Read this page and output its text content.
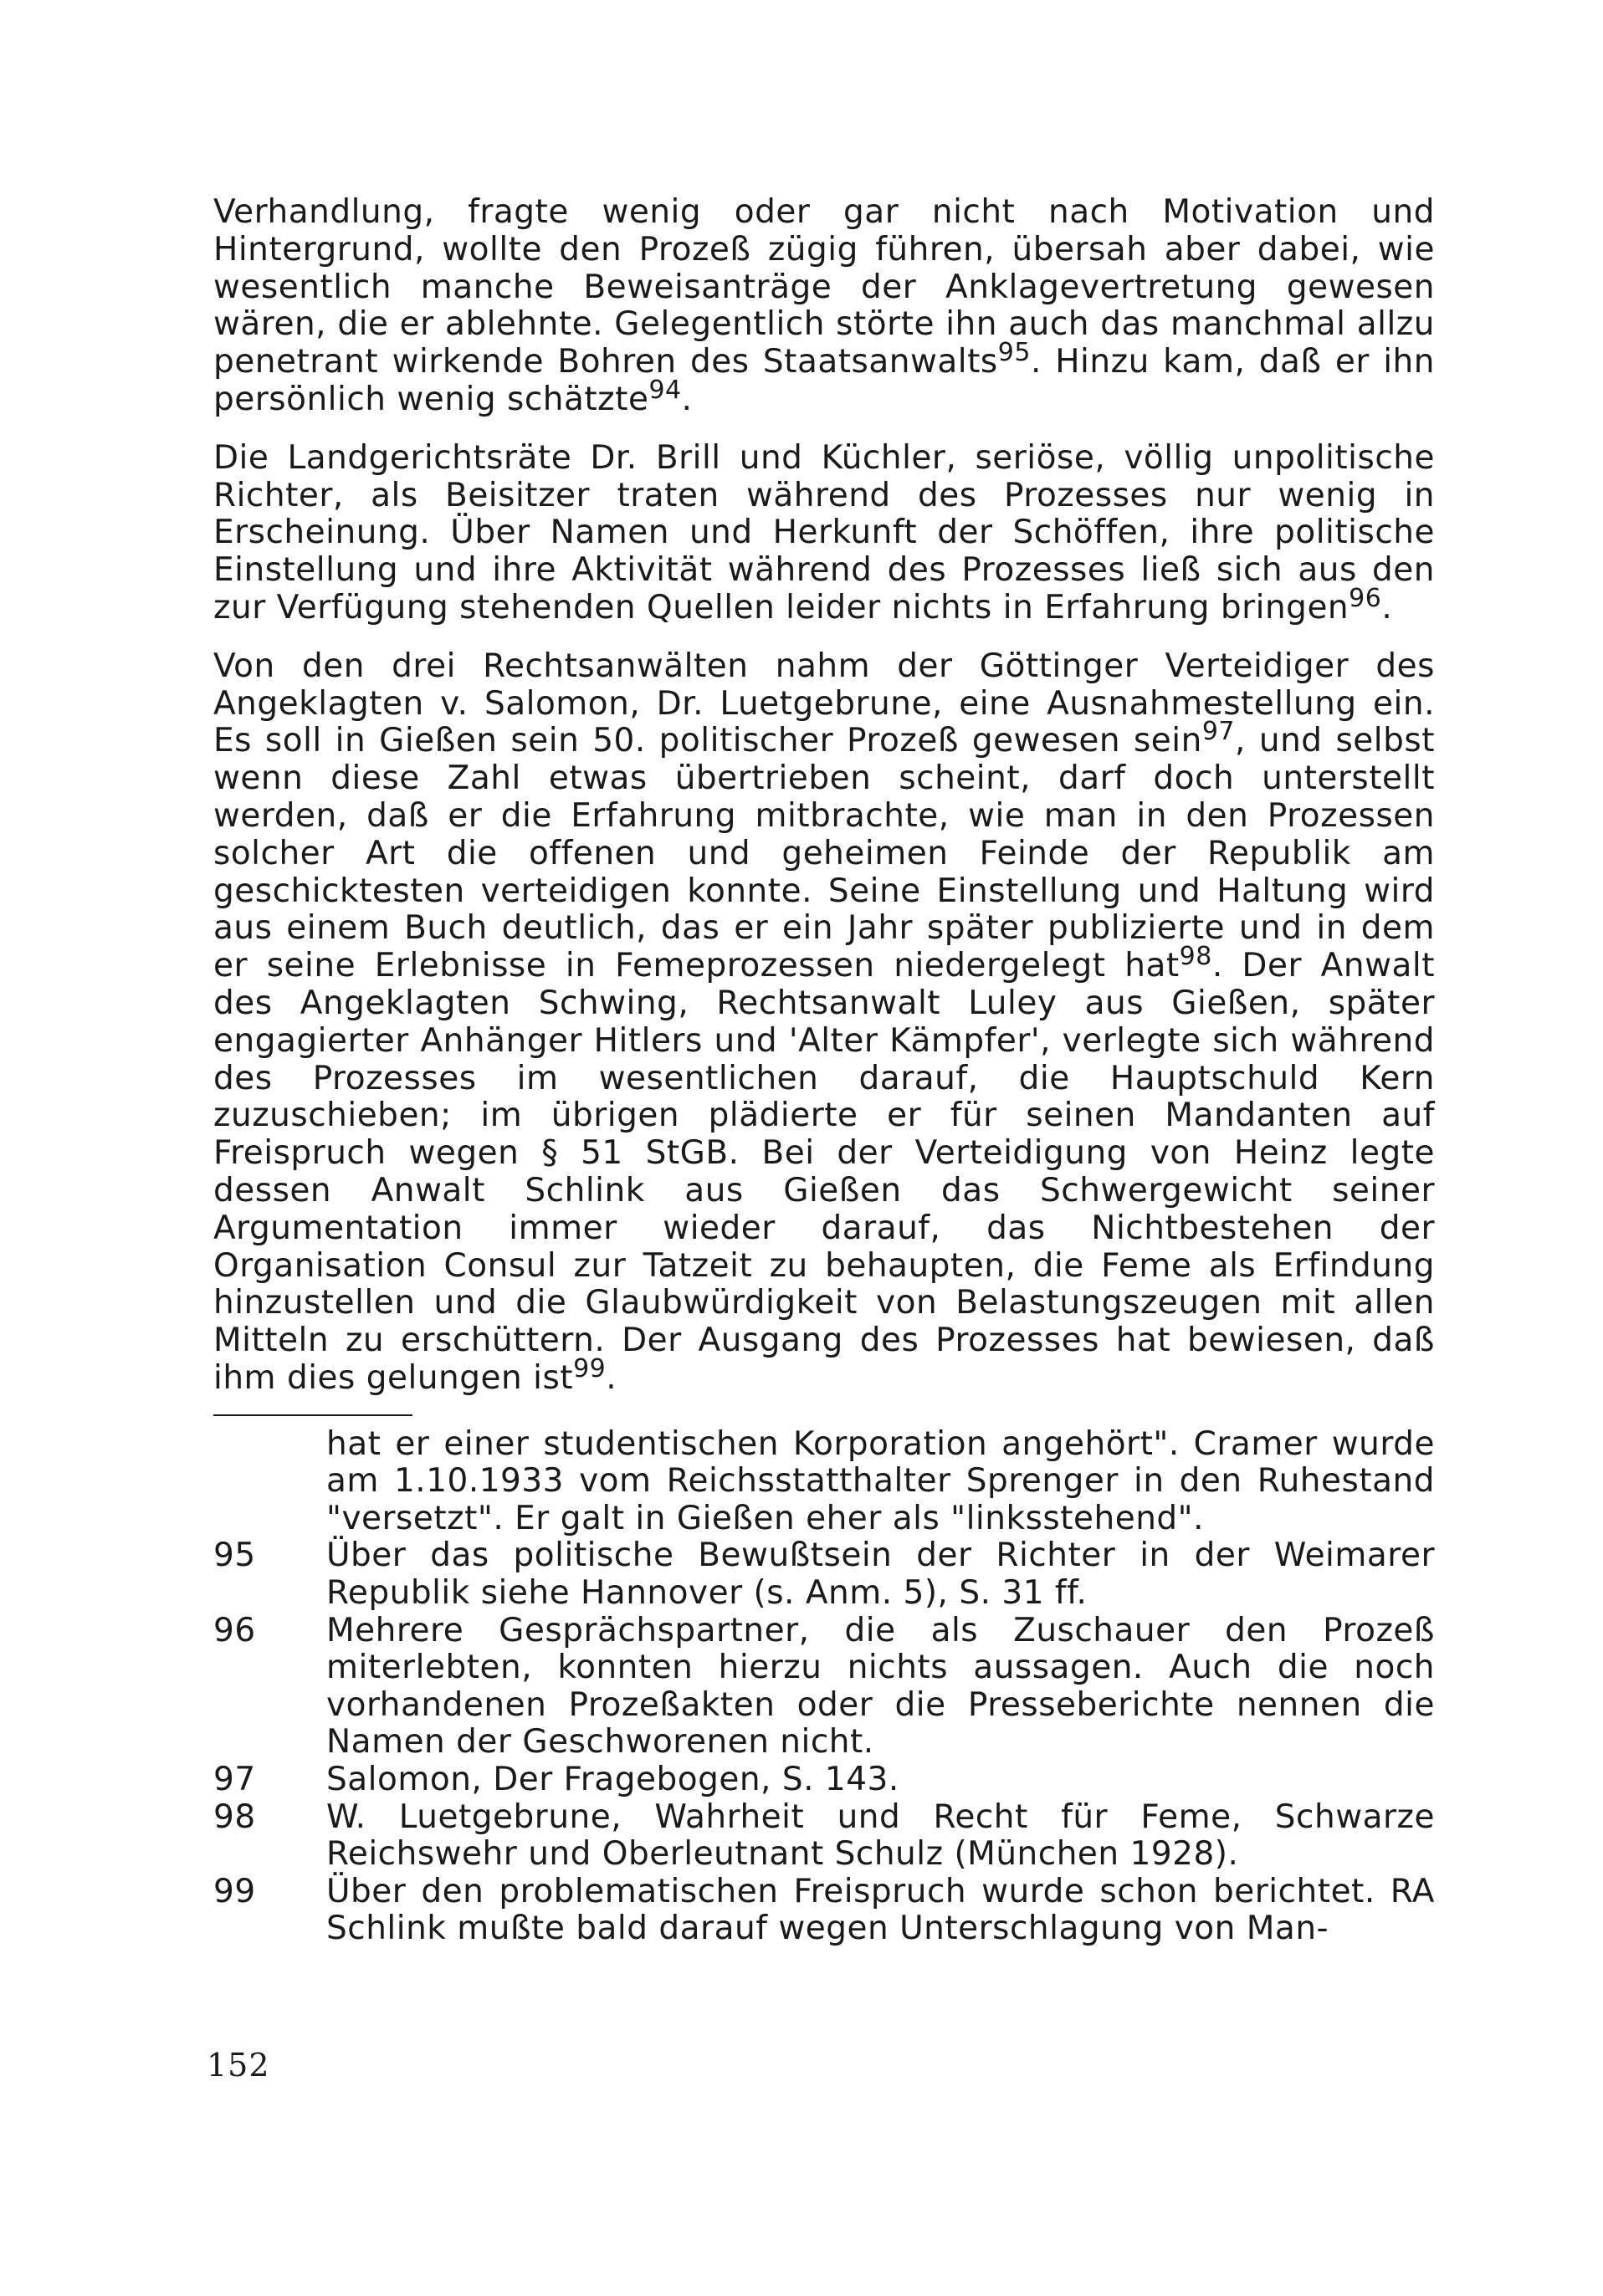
Verhandlung, fragte wenig oder gar nicht nach Motivation und Hintergrund, wollte den Prozeß zügig führen, übersah aber dabei, wie wesentlich manche Beweisanträge der Anklagevertretung gewesen wären, die er ablehnte. Gelegentlich störte ihn auch das manchmal allzu penetrant wirkende Bohren des Staatsanwalts$^{95}$. Hinzu kam, daß er ihn persönlich wenig schätzte$^{94}$.

Die Landgerichtsräte Dr. Brill und Küchler, seriöse, völlig unpolitische Richter, als Beisitzer traten während des Prozesses nur wenig in Erscheinung. Über Namen und Herkunft der Schöffen, ihre politische Einstellung und ihre Aktivität während des Prozesses ließ sich aus den zur Verfügung stehenden Quellen leider nichts in Erfahrung bringen$^{96}$.

Von den drei Rechtsanwälten nahm der Göttinger Verteidiger des Angeklagten v. Salomon, Dr. Luetgebrune, eine Ausnahmestellung ein. Es soll in Gießen sein 50. politischer Prozeß gewesen sein$^{97}$, und selbst wenn diese Zahl etwas übertrieben scheint, darf doch unterstellt werden, daß er die Erfahrung mitbrachte, wie man in den Prozessen solcher Art die offenen und geheimen Feinde der Republik am geschicktesten verteidigen konnte. Seine Einstellung und Haltung wird aus einem Buch deutlich, das er ein Jahr später publizierte und in dem er seine Erlebnisse in Femeprozessen niedergelegt hat$^{98}$. Der Anwalt des Angeklagten Schwing, Rechtsanwalt Luley aus Gießen, später engagierter Anhänger Hitlers und 'Alter Kämpfer', verlegte sich während des Prozesses im wesentlichen darauf, die Hauptschuld Kern zuzuschieben; im übrigen plädierte er für seinen Mandanten auf Freispruch wegen § 51 StGB. Bei der Verteidigung von Heinz legte dessen Anwalt Schlink aus Gießen das Schwergewicht seiner Argumentation immer wieder darauf, das Nichtbestehen der Organisation Consul zur Tatzeit zu behaupten, die Feme als Erfindung hinzustellen und die Glaubwürdigkeit von Belastungszeugen mit allen Mitteln zu erschüttern. Der Ausgang des Prozesses hat bewiesen, daß ihm dies gelungen ist$^{99}$.

hat er einer studentischen Korporation angehört". Cramer wurde am 1.10.1933 vom Reichsstatthalter Sprenger in den Ruhestand "versetzt". Er galt in Gießen eher als "linksstehend".
95	Über das politische Bewußtsein der Richter in der Weimarer Republik siehe Hannover (s. Anm. 5), S. 31 ff.
96	Mehrere Gesprächspartner, die als Zuschauer den Prozeß miterlebten, konnten hierzu nichts aussagen. Auch die noch vorhandenen Prozeßakten oder die Presseberichte nennen die Namen der Geschworenen nicht.
97	Salomon, Der Fragebogen, S. 143.
98	W. Luetgebrune, Wahrheit und Recht für Feme, Schwarze Reichswehr und Oberleutnant Schulz (München 1928).
99	Über den problematischen Freispruch wurde schon berichtet. RA Schlink mußte bald darauf wegen Unterschlagung von Man-
152
